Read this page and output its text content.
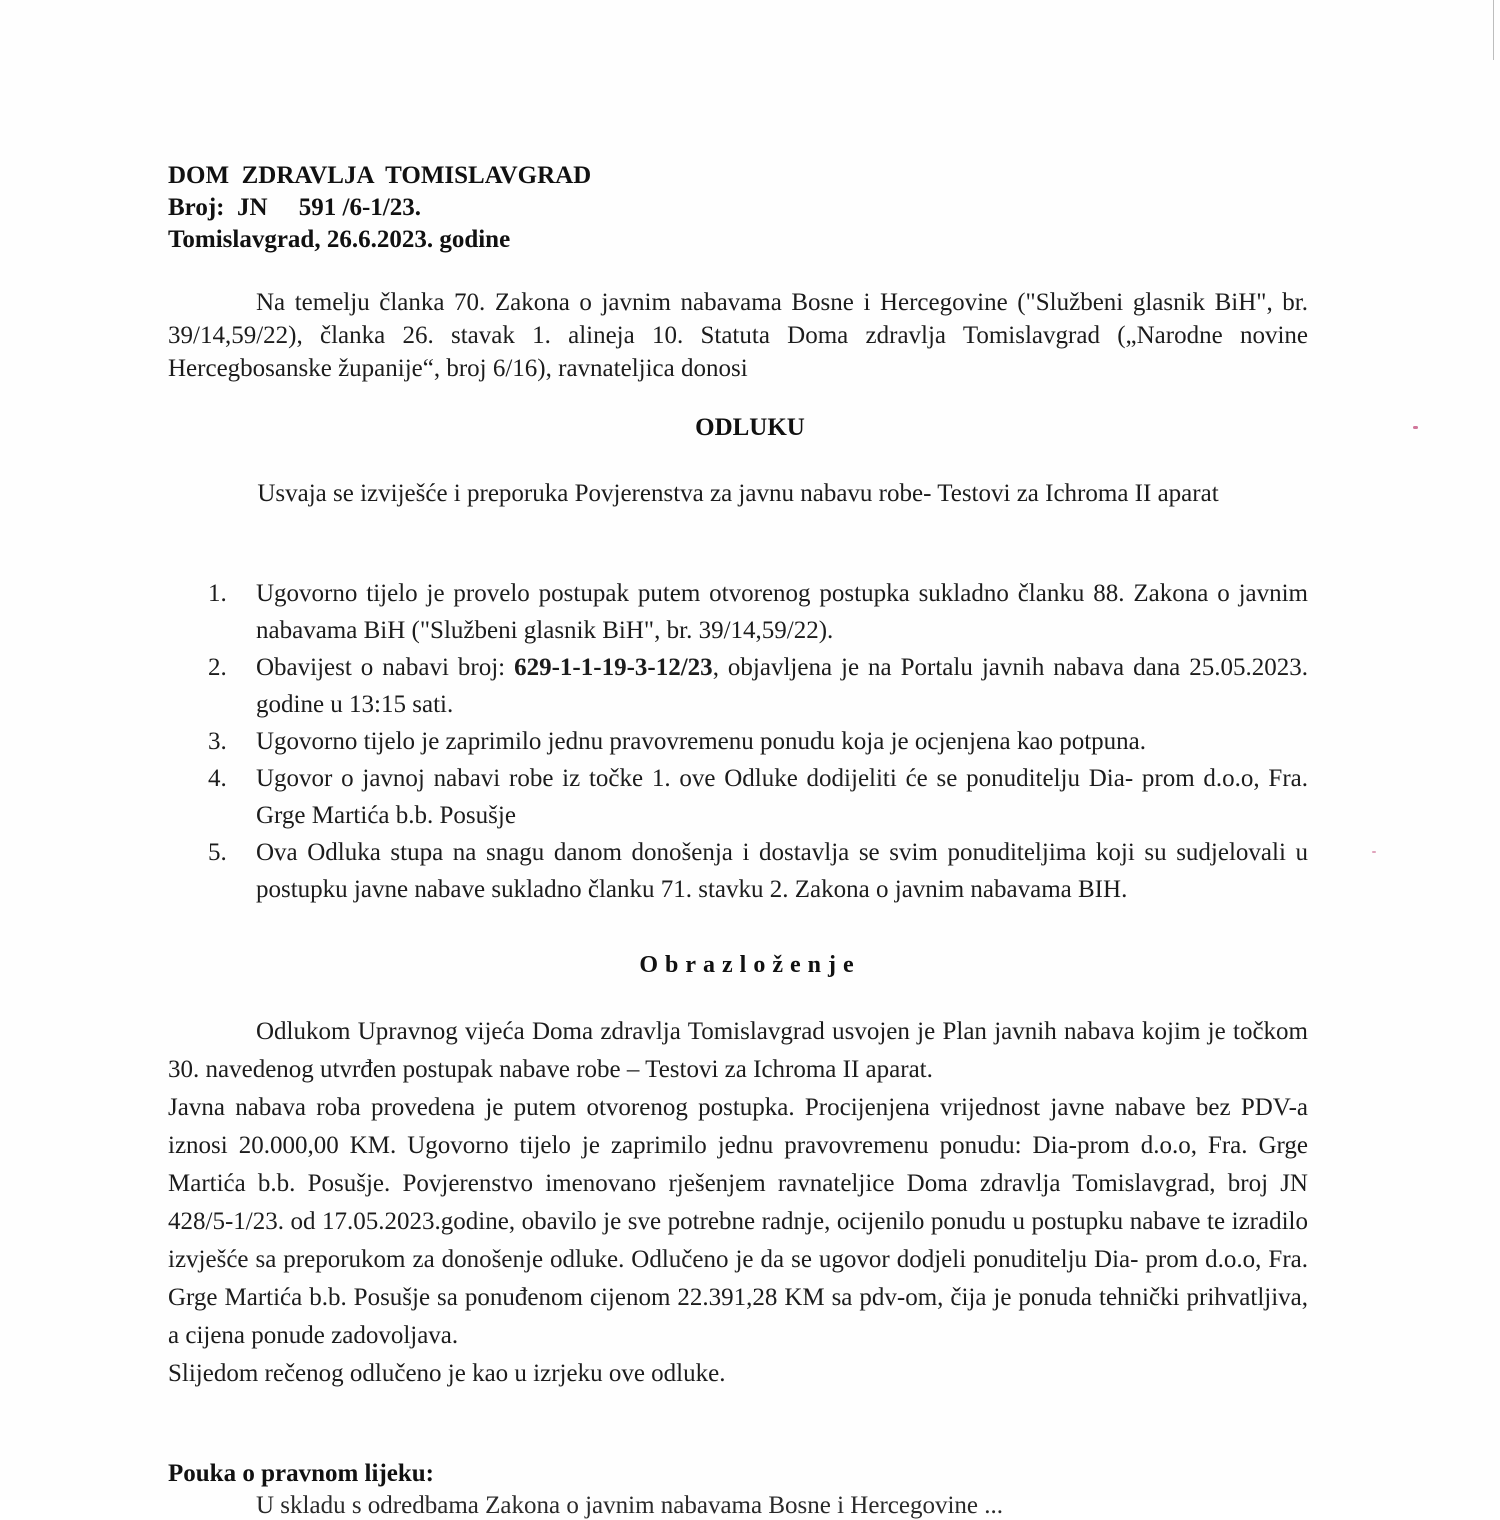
DOM  ZDRAVLJA  TOMISLAVGRAD
Broj:  JN     591 /6-1/23.
Tomislavgrad, 26.6.2023. godine
Na temelju članka 70. Zakona o javnim nabavama Bosne i Hercegovine ("Službeni glasnik BiH", br. 39/14,59/22), članka 26. stavak 1. alineja 10. Statuta Doma zdravlja Tomislavgrad („Narodne novine Hercegbosanske županije“, broj 6/16), ravnateljica donosi
ODLUKU
Usvaja se izviješće i preporuka Povjerenstva za javnu nabavu robe- Testovi za Ichroma II aparat
1. Ugovorno tijelo je provelo postupak putem otvorenog postupka sukladno članku 88. Zakona o javnim nabavama BiH ("Službeni glasnik BiH", br. 39/14,59/22).
2. Obavijest o nabavi broj: 629-1-1-19-3-12/23, objavljena je na Portalu javnih nabava dana 25.05.2023. godine u 13:15 sati.
3. Ugovorno tijelo je zaprimilo jednu pravovremenu ponudu koja je ocjenjena kao potpuna.
4. Ugovor o javnoj nabavi robe iz točke 1. ove Odluke dodijeliti će se ponuditelju Dia- prom d.o.o, Fra. Grge Martića b.b. Posušje
5. Ova Odluka stupa na snagu danom donošenja i dostavlja se svim ponuditeljima koji su sudjelovali u postupku javne nabave sukladno članku 71. stavku 2. Zakona o javnim nabavama BIH.
Obrazloženje

Odlukom Upravnog vijeća Doma zdravlja Tomislavgrad usvojen je Plan javnih nabava kojim je točkom 30. navedenog utvrđen postupak nabave robe – Testovi za Ichroma II aparat.

Javna nabava roba provedena je putem otvorenog postupka. Procijenjena vrijednost javne nabave bez PDV-a iznosi 20.000,00 KM. Ugovorno tijelo je zaprimilo jednu pravovremenu ponudu: Dia-prom d.o.o, Fra. Grge Martića b.b. Posušje. Povjerenstvo imenovano rješenjem ravnateljice Doma zdravlja Tomislavgrad, broj JN 428/5-1/23. od 17.05.2023.godine, obavilo je sve potrebne radnje, ocijenilo ponudu u postupku nabave te izradilo izvješće sa preporukom za donošenje odluke. Odlučeno je da se ugovor dodjeli ponuditelju Dia- prom d.o.o, Fra. Grge Martića b.b. Posušje sa ponuđenom cijenom 22.391,28 KM sa pdv-om, čija je ponuda tehnički prihvatljiva, a cijena ponude zadovoljava.

Slijedom rečenog odlučeno je kao u izrjeku ove odluke.

Pouka o pravnom lijeku:
U skladu s odredbama Zakona o javnim nabavama Bosne i Hercegovine ...
